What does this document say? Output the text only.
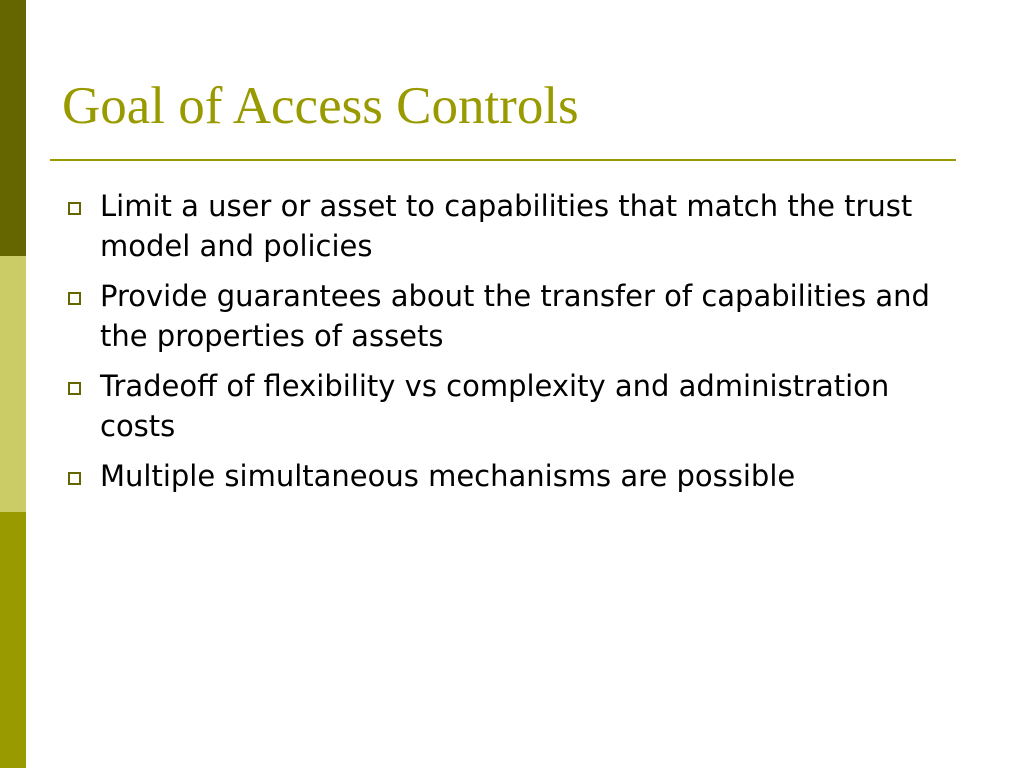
Goal of Access Controls
Limit a user or asset to capabilities that match the trust model and policies
Provide guarantees about the transfer of capabilities and the properties of assets
Tradeoff of flexibility vs complexity and administration costs
Multiple simultaneous mechanisms are possible
